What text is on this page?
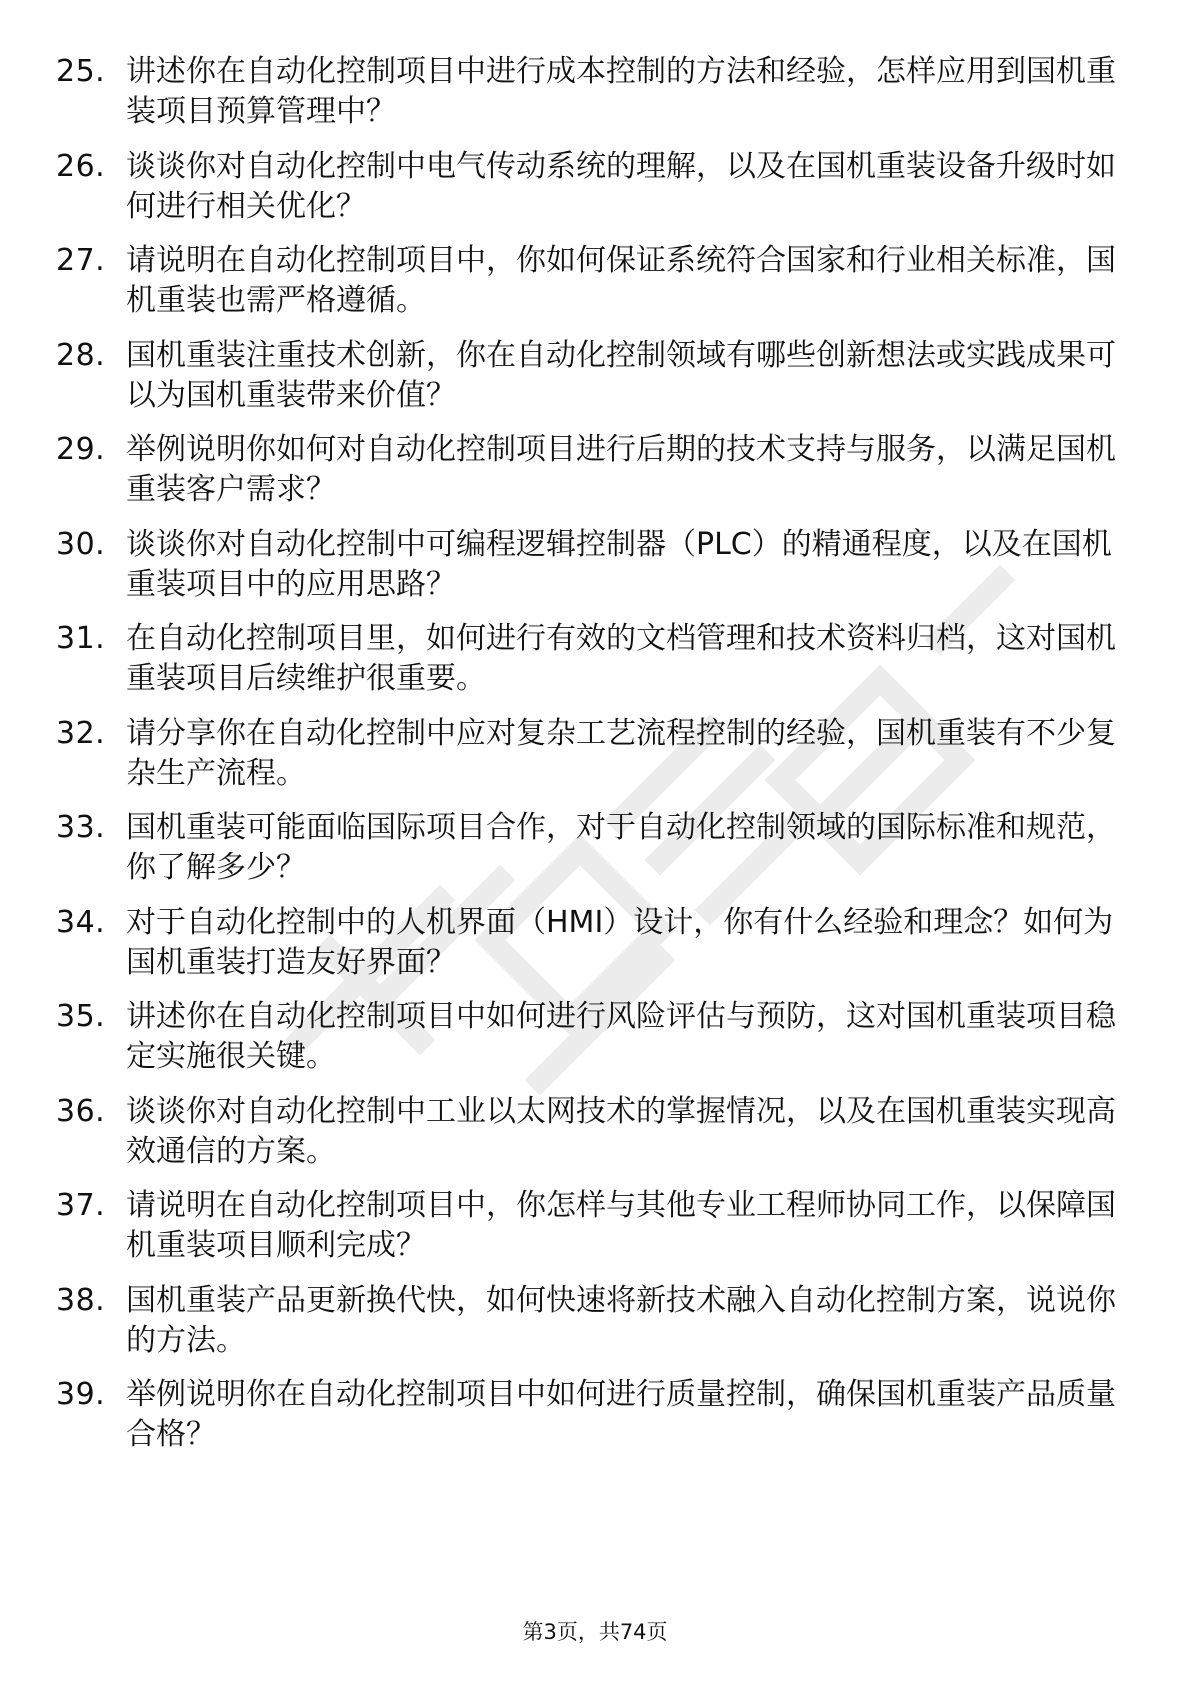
25. 讲述你在自动化控制项目中进行成本控制的方法和经验，怎样应用到国机重装项目预算管理中？
26. 谈谈你对自动化控制中电气传动系统的理解，以及在国机重装设备升级时如何进行相关优化？
27. 请说明在自动化控制项目中，你如何保证系统符合国家和行业相关标准，国机重装也需严格遵循。
28. 国机重装注重技术创新，你在自动化控制领域有哪些创新想法或实践成果可以为国机重装带来价值？
29. 举例说明你如何对自动化控制项目进行后期的技术支持与服务，以满足国机重装客户需求？
30. 谈谈你对自动化控制中可编程逻辑控制器（PLC）的精通程度，以及在国机重装项目中的应用思路？
31. 在自动化控制项目里，如何进行有效的文档管理和技术资料归档，这对国机重装项目后续维护很重要。
32. 请分享你在自动化控制中应对复杂工艺流程控制的经验，国机重装有不少复杂生产流程。
33. 国机重装可能面临国际项目合作，对于自动化控制领域的国际标准和规范，你了解多少？
34. 对于自动化控制中的人机界面（HMI）设计，你有什么经验和理念？如何为国机重装打造友好界面？
35. 讲述你在自动化控制项目中如何进行风险评估与预防，这对国机重装项目稳定实施很关键。
36. 谈谈你对自动化控制中工业以太网技术的掌握情况，以及在国机重装实现高效通信的方案。
37. 请说明在自动化控制项目中，你怎样与其他专业工程师协同工作，以保障国机重装项目顺利完成？
38. 国机重装产品更新换代快，如何快速将新技术融入自动化控制方案，说说你的方法。
39. 举例说明你在自动化控制项目中如何进行质量控制，确保国机重装产品质量合格？
第3页，共74页
